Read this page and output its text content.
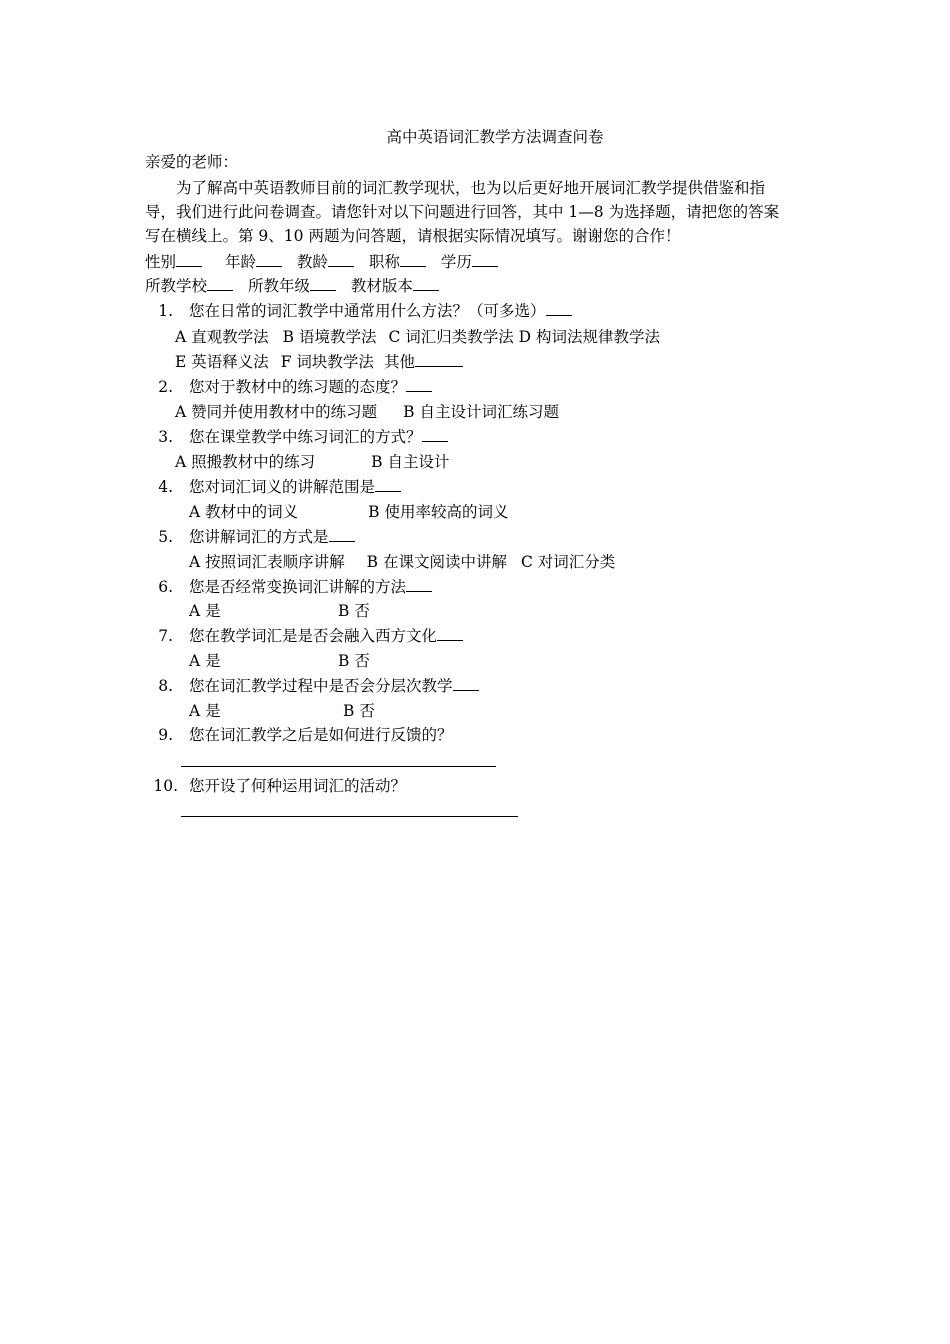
高中英语词汇教学方法调查问卷
亲爱的老师：
为了解高中英语教师目前的词汇教学现状，也为以后更好地开展词汇教学提供借鉴和指
导，我们进行此问卷调查。请您针对以下问题进行回答，其中 1—8 为选择题，请把您的答案
写在横线上。第 9、10 两题为问答题，请根据实际情况填写。谢谢您的合作！
性别	年龄	教龄	职称	学历
所教学校	所教年级	教材版本
1. 您在日常的词汇教学中通常用什么方法？（可多选）
A 直观教学法 B 语境教学法 C 词汇归类教学法 D 构词法规律教学法
E 英语释义法 F 词块教学法 其他
2. 您对于教材中的练习题的态度？
A 赞同并使用教材中的练习题 B 自主设计词汇练习题
3. 您在课堂教学中练习词汇的方式？
A 照搬教材中的练习	B 自主设计
4. 您对词汇词义的讲解范围是
A 教材中的词义	B 使用率较高的词义
5. 您讲解词汇的方式是
A 按照词汇表顺序讲解 B 在课文阅读中讲解 C 对词汇分类
6. 您是否经常变换词汇讲解的方法
A 是	B 否
7. 您在教学词汇是是否会融入西方文化
A 是	B 否
8. 您在词汇教学过程中是否会分层次教学
A 是	B 否
9. 您在词汇教学之后是如何进行反馈的？
10. 您开设了何种运用词汇的活动？
